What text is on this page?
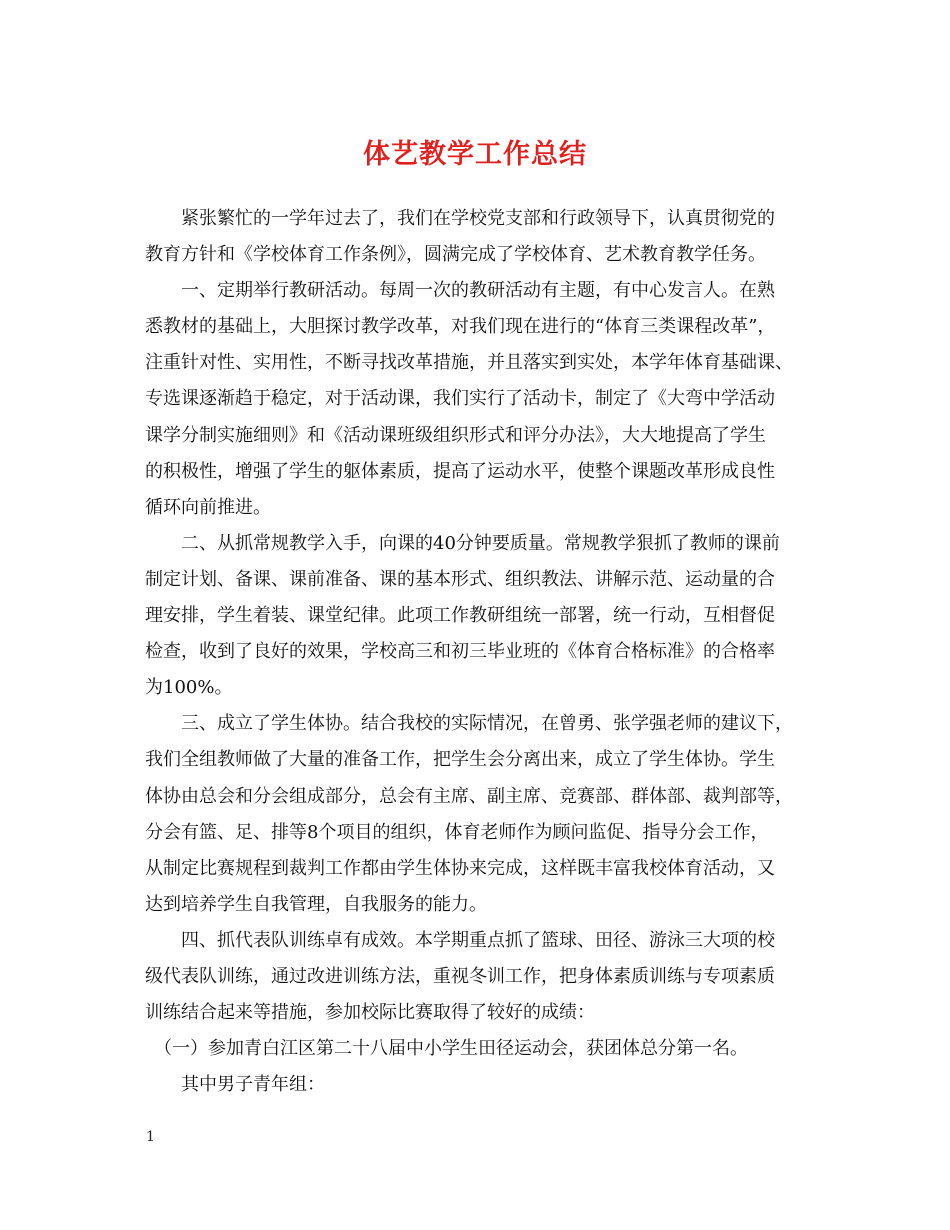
体艺教学工作总结
　　紧张繁忙的一学年过去了，我们在学校党支部和行政领导下，认真贯彻党的
教育方针和《学校体育工作条例》，圆满完成了学校体育、艺术教育教学任务。
　　一、定期举行教研活动。每周一次的教研活动有主题，有中心发言人。在熟
悉教材的基础上，大胆探讨教学改革，对我们现在进行的“体育三类课程改革”，
注重针对性、实用性，不断寻找改革措施，并且落实到实处，本学年体育基础课、
专选课逐渐趋于稳定，对于活动课，我们实行了活动卡，制定了《大弯中学活动
课学分制实施细则》和《活动课班级组织形式和评分办法》，大大地提高了学生
的积极性，增强了学生的躯体素质，提高了运动水平，使整个课题改革形成良性
循环向前推进。
　　二、从抓常规教学入手，向课的40分钟要质量。常规教学狠抓了教师的课前
制定计划、备课、课前准备、课的基本形式、组织教法、讲解示范、运动量的合
理安排，学生着装、课堂纪律。此项工作教研组统一部署，统一行动，互相督促
检查，收到了良好的效果，学校高三和初三毕业班的《体育合格标准》的合格率
为100%。
　　三、成立了学生体协。结合我校的实际情况，在曾勇、张学强老师的建议下，
我们全组教师做了大量的准备工作，把学生会分离出来，成立了学生体协。学生
体协由总会和分会组成部分，总会有主席、副主席、竞赛部、群体部、裁判部等，
分会有篮、足、排等8个项目的组织，体育老师作为顾问监促、指导分会工作，
从制定比赛规程到裁判工作都由学生体协来完成，这样既丰富我校体育活动，又
达到培养学生自我管理，自我服务的能力。
　　四、抓代表队训练卓有成效。本学期重点抓了篮球、田径、游泳三大项的校
级代表队训练，通过改进训练方法，重视冬训工作，把身体素质训练与专项素质
训练结合起来等措施，参加校际比赛取得了较好的成绩：
　（一）参加青白江区第二十八届中小学生田径运动会，获团体总分第一名。
　　其中男子青年组：
1
